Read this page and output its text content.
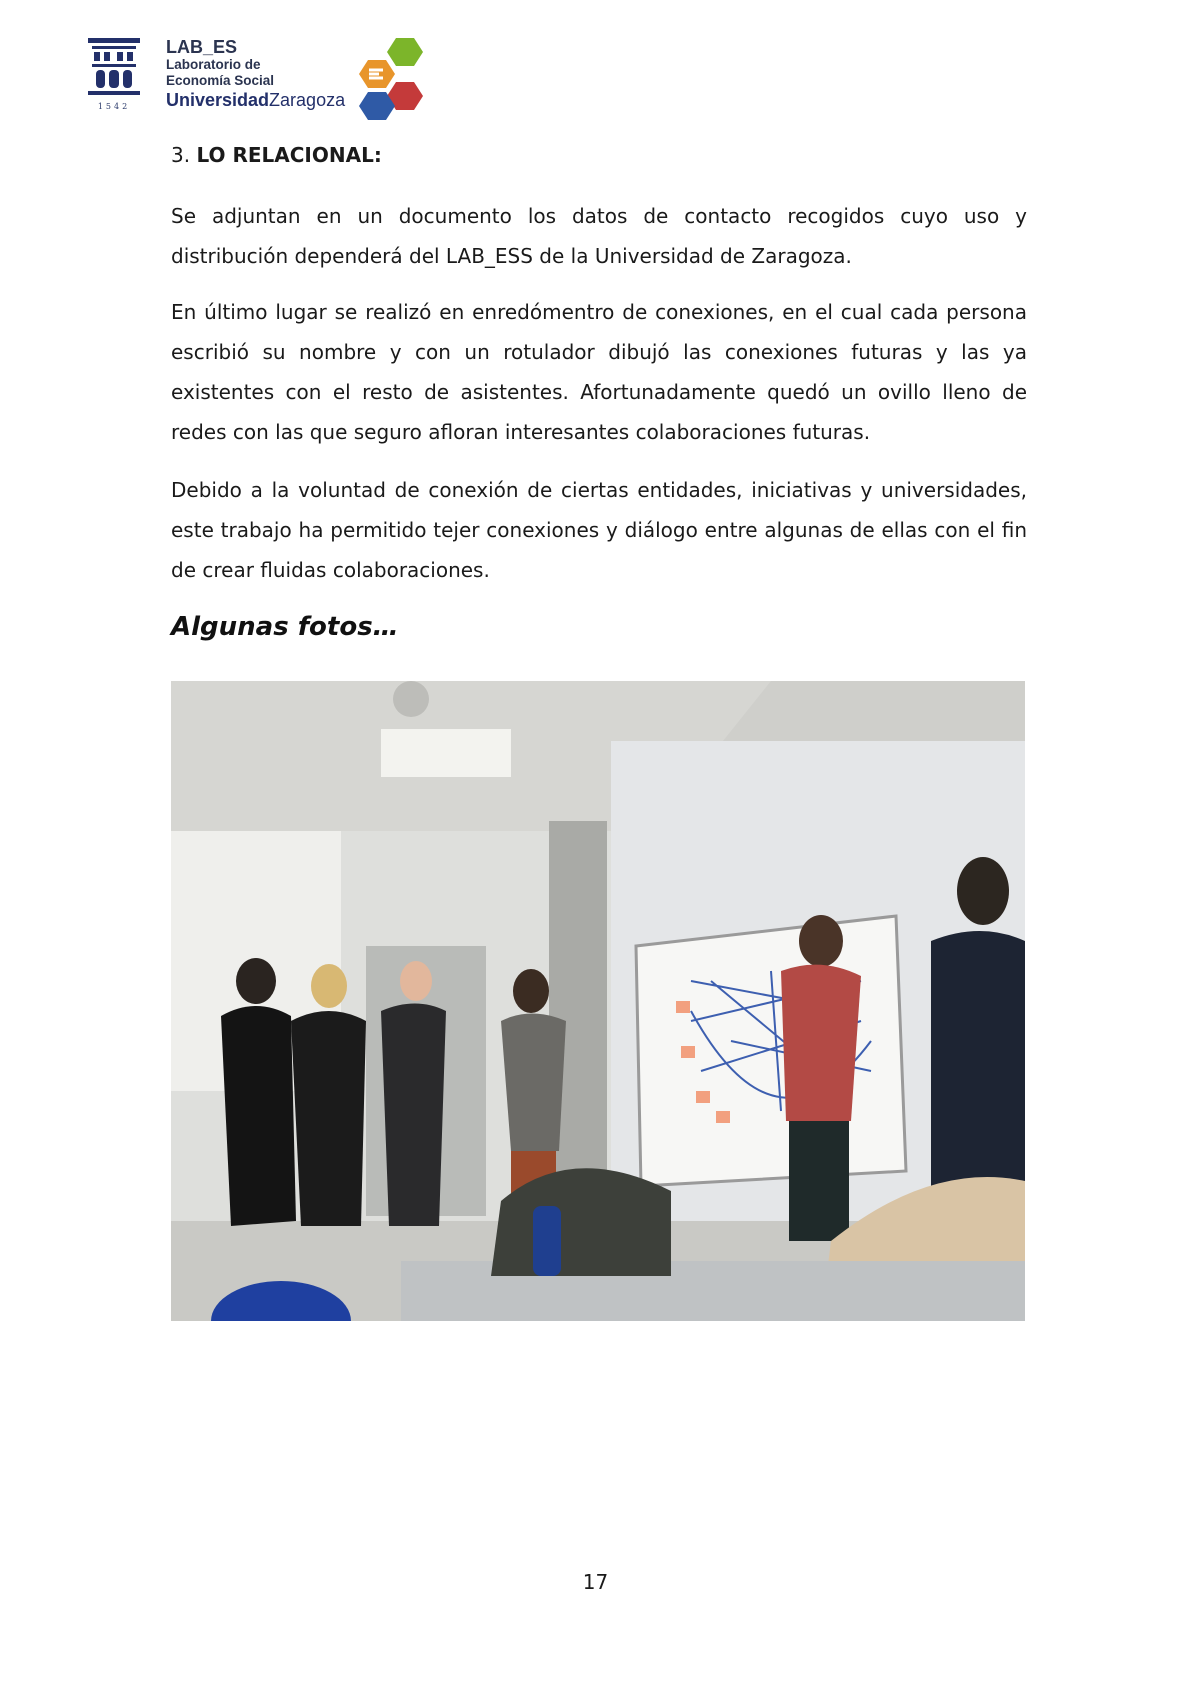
1542
LAB_ES
Laboratorio de
Economía Social
UniversidadZaragoza
3. LO RELACIONAL:

Se adjuntan en un documento los datos de contacto recogidos cuyo uso y distribución dependerá del LAB_ESS de la Universidad de Zaragoza.

En último lugar se realizó en enredómentro de conexiones, en el cual cada persona escribió su nombre y con un rotulador dibujó las conexiones futuras y las ya existentes con el resto de asistentes. Afortunadamente quedó un ovillo lleno de redes con las que seguro afloran interesantes colaboraciones futuras.

Debido a la voluntad de conexión de ciertas entidades, iniciativas y universidades, este trabajo ha permitido tejer conexiones y diálogo entre algunas de ellas con el fin de crear fluidas colaboraciones.

Algunas fotos…
17
